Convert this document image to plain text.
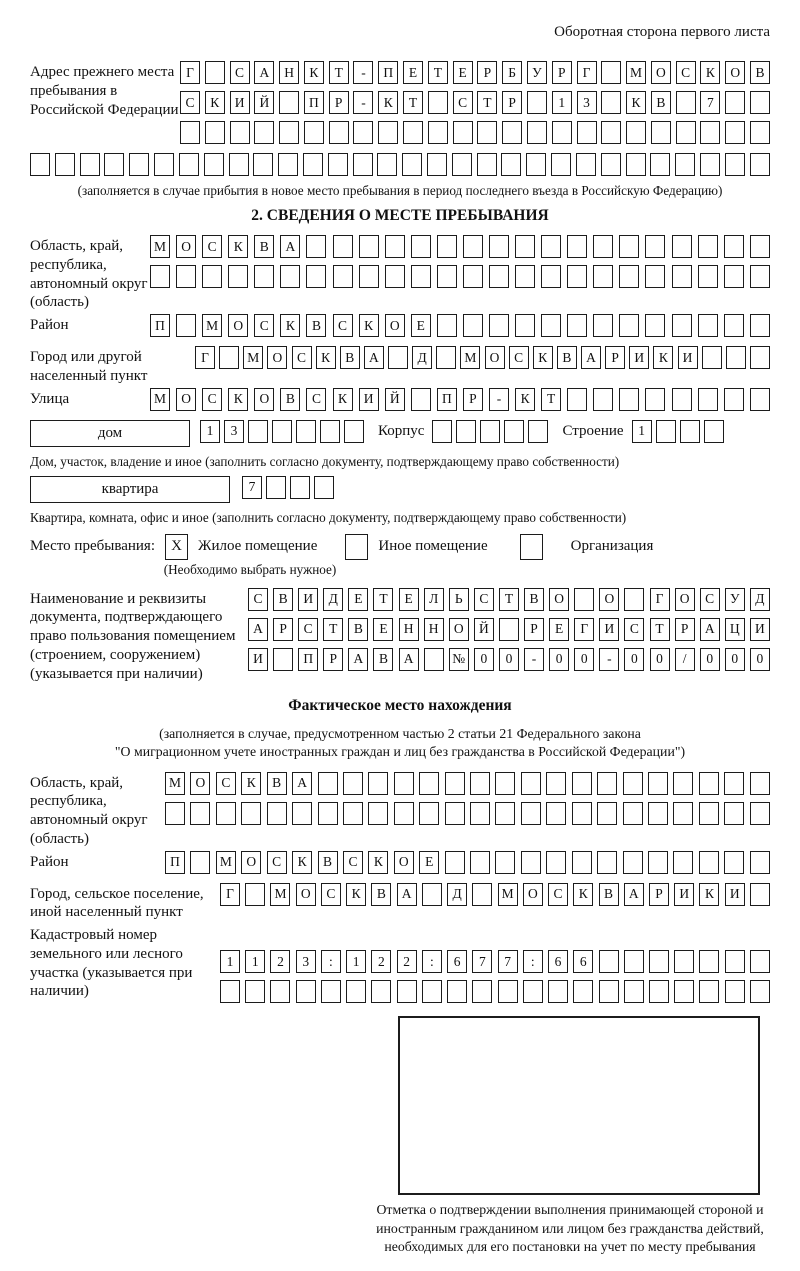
Оборотная сторона первого листа
Адрес прежнего места пребывания в Российской Федерации
Г	С	А	Н	К	Т	-	П	Е	Т	Е	Р	Б	У	Р	Г	М	О	С	К	О	В
С	К	И	Й	П	Р	-	К	Т	С	Т	Р	1	3	К	В	7
(заполняется в случае прибытия в новое место пребывания в период последнего въезда в Российскую Федерацию)
2. СВЕДЕНИЯ О МЕСТЕ ПРЕБЫВАНИЯ
Область, край, республика, автономный округ (область)
М	О	С	К	В	А
Район	П	М	О	С	К	В	С	К	О	Е
Город или другой населенный пункт
Г	М О	С	К	В	А	Д	М О	С	К	В	А	Р	И	К	И
Улица	М	О	С	К	О	В	С	К	И	Й	П	Р	-	К	Т
дом	1	3	Корпус	Строение	1
Дом, участок, владение и иное (заполнить согласно документу, подтверждающему право собственности)
квартира	7
Квартира, комната, офис и иное (заполнить согласно документу, подтверждающему право собственности)
Место пребывания:	X	Жилое помещение	Иное помещение	Организация
(Необходимо выбрать нужное)
Наименование и реквизиты документа, подтверждающего право пользования помещением (строением, сооружением) (указывается при наличии)
С	В	И	Д	Е	Т	Е	Л	Ь	С	Т	В	О	О	Г	О	С	У	Д
А	Р	С	Т	В	Е	Н	Н	О	Й	Р	Е	Г	И	С	Т	Р	А	Ц	И
И	П	Р	А	В	А	№	0	0	-	0	0	-	0	0	/	0	0	0
Фактическое место нахождения
(заполняется в случае, предусмотренном частью 2 статьи 21 Федерального закона
"О миграционном учете иностранных граждан и лиц без гражданства в Российской Федерации")
Область, край, республика, автономный округ (область)
М	О	С	К	В	А
Район	П	М	О	С	К	В	С	К	О	Е
Город, сельское поселение, иной населенный пункт
Г	М	О	С	К	В	А	Д	М	О	С	К	В	А	Р	И	К	И
Кадастровый номер земельного или лесного участка (указывается при наличии)
1	1	2	3	:	1	2	2	:	6	7	7	:	6	6
Отметка о подтверждении выполнения принимающей стороной и иностранным гражданином или лицом без гражданства действий, необходимых для его постановки на учет по месту пребывания
